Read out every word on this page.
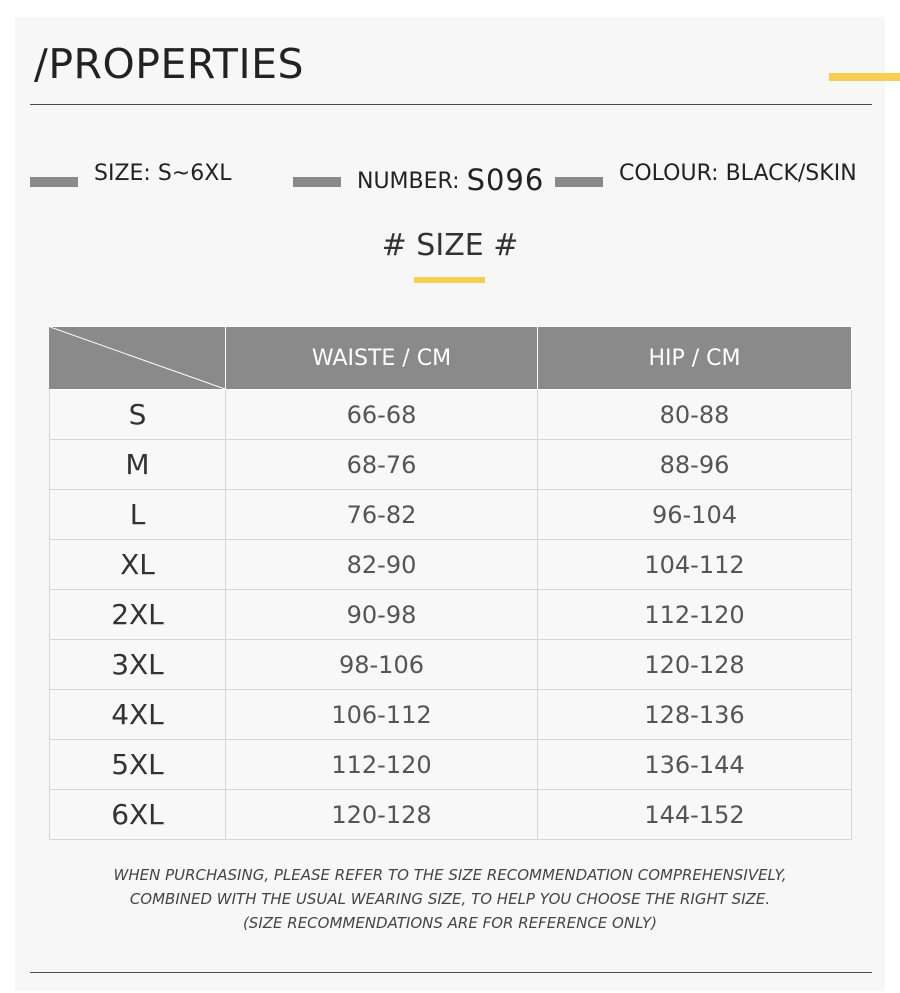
/PROPERTIES
SIZE: S~6XL	NUMBER: S096	COLOUR: BLACK/SKIN
# SIZE #
	WAISTE / CM	HIP / CM
S	66-68	80-88
M	68-76	88-96
L	76-82	96-104
XL	82-90	104-112
2XL	90-98	112-120
3XL	98-106	120-128
4XL	106-112	128-136
5XL	112-120	136-144
6XL	120-128	144-152
WHEN PURCHASING, PLEASE REFER TO THE SIZE RECOMMENDATION COMPREHENSIVELY,
COMBINED WITH THE USUAL WEARING SIZE, TO HELP YOU CHOOSE THE RIGHT SIZE.
(SIZE RECOMMENDATIONS ARE FOR REFERENCE ONLY)
